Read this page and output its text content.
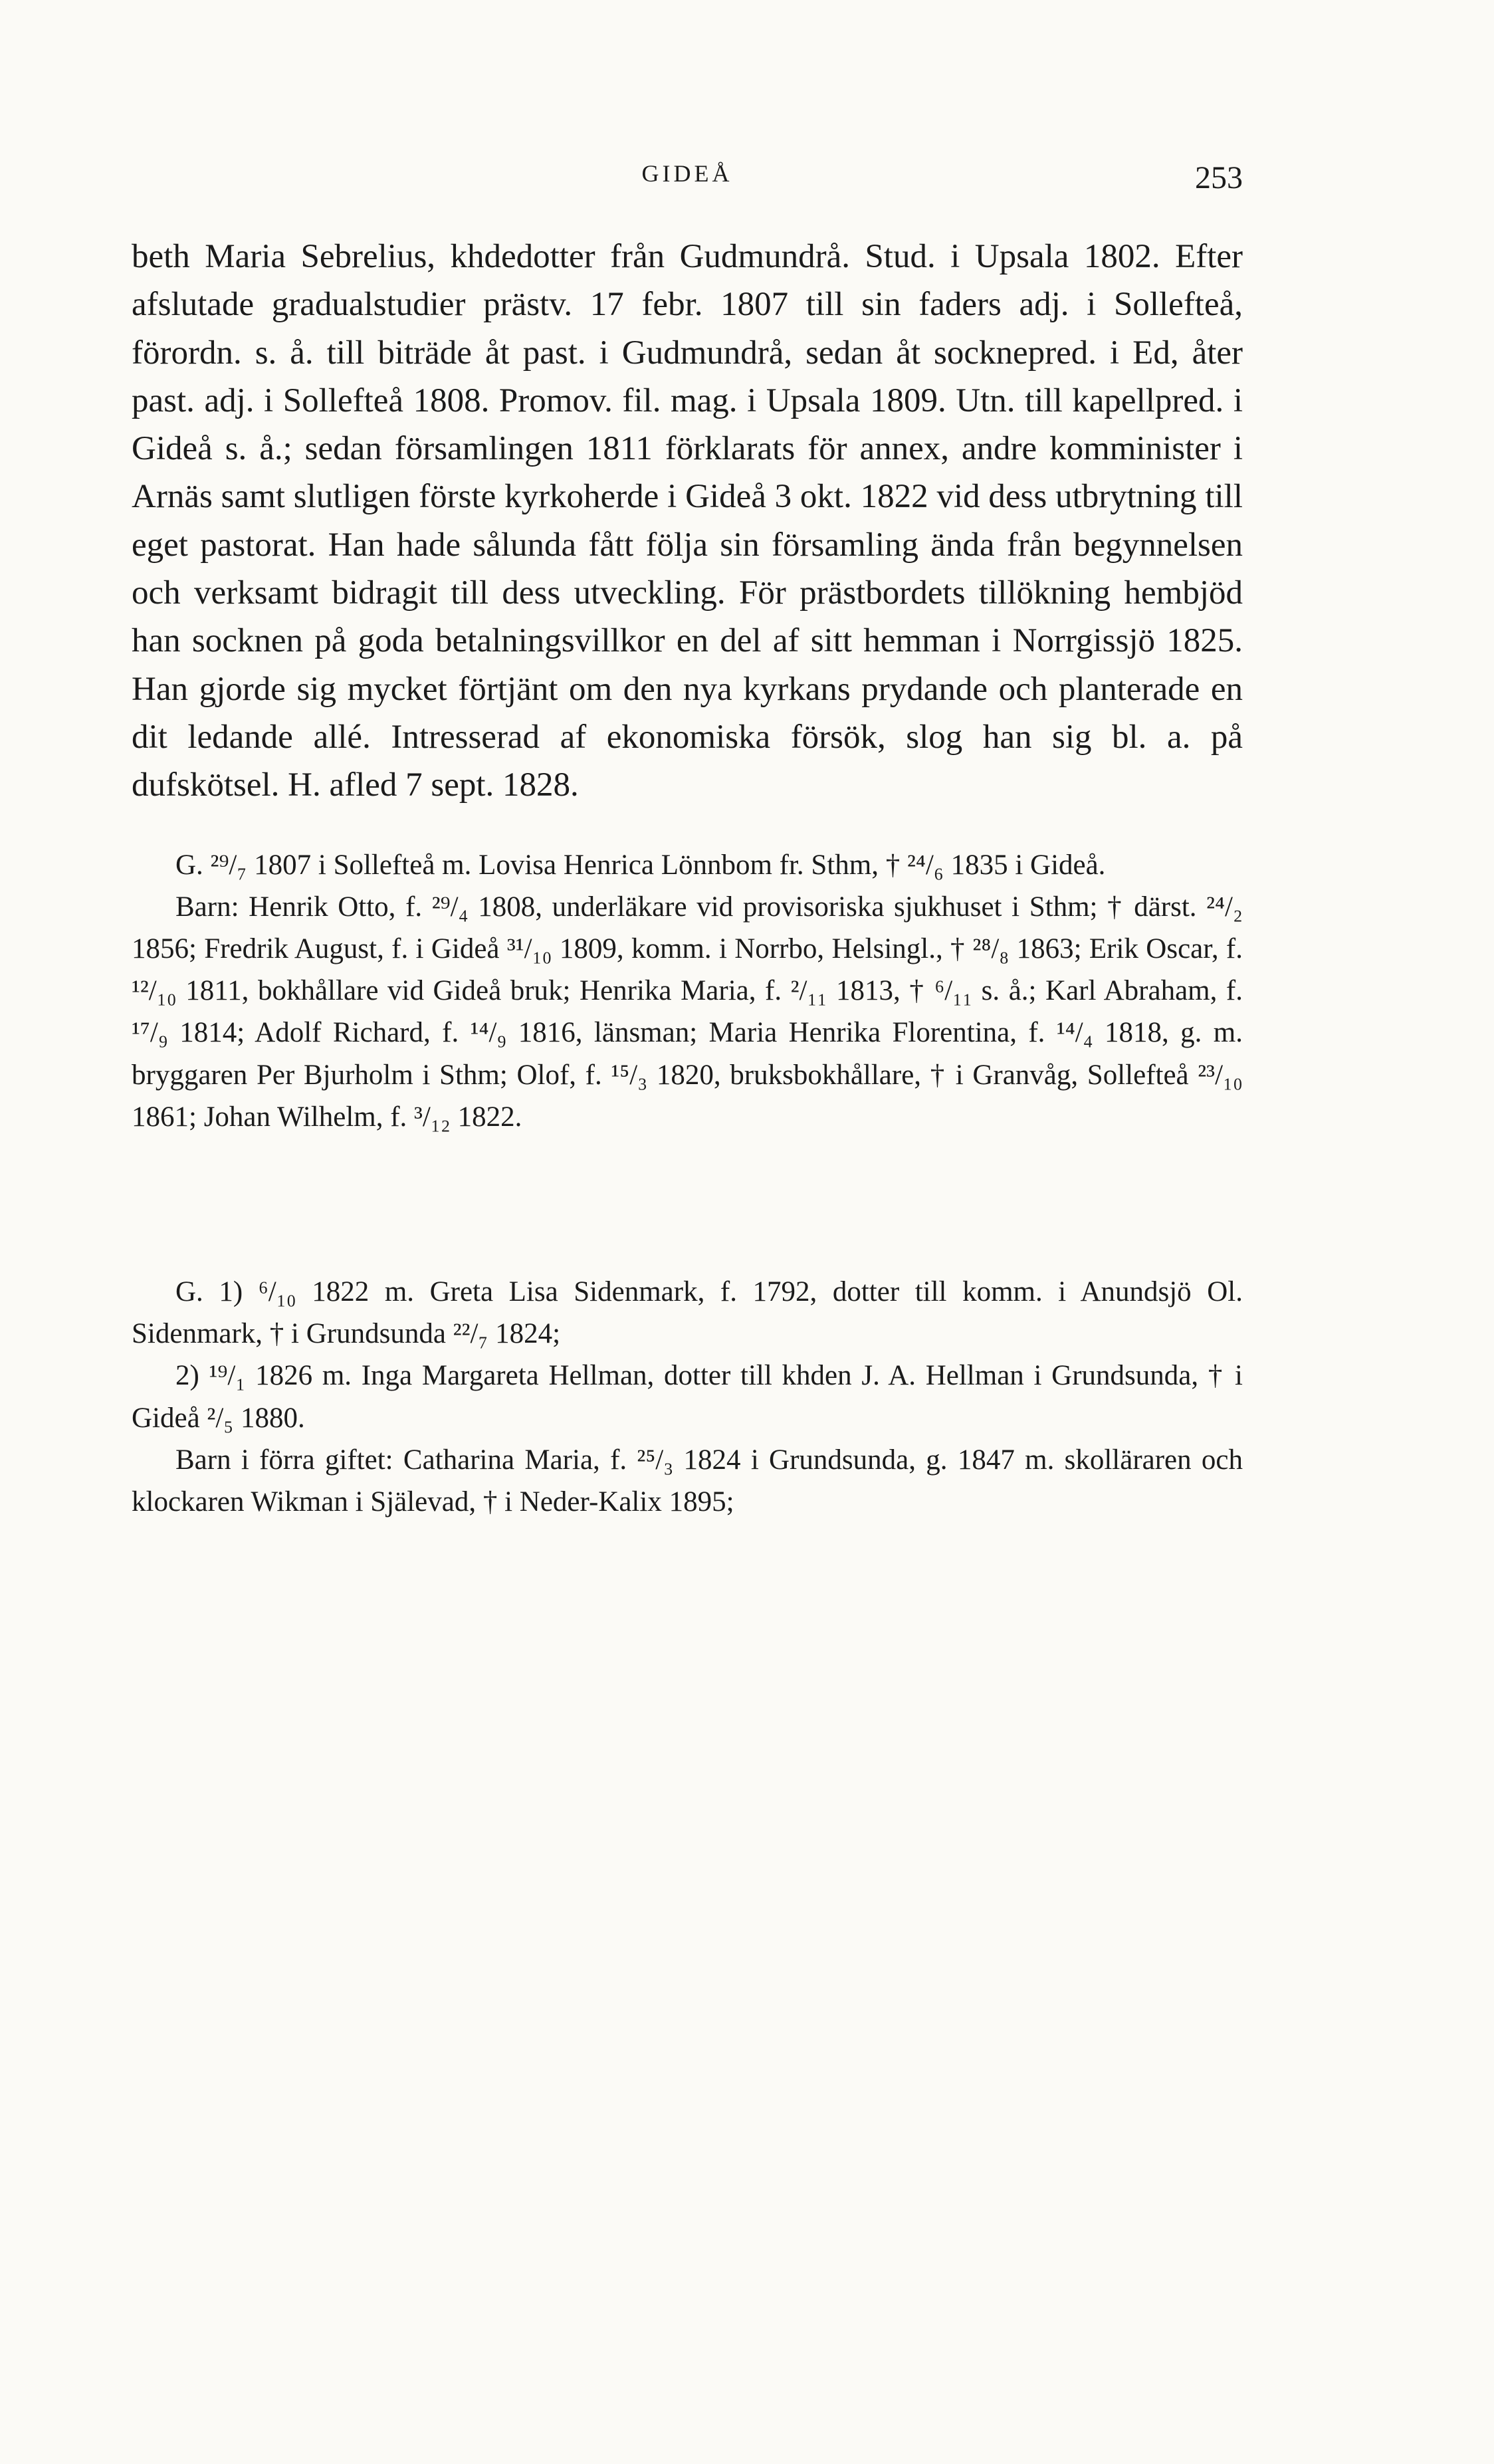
GIDEÅ	253

beth Maria Sebrelius, khdedotter från Gudmundrå. Stud. i Upsala 1802. Efter afslutade gradualstudier prästv. 17 febr. 1807 till sin faders adj. i Sollefteå, förordn. s. å. till biträde åt past. i Gudmundrå, sedan åt socknepred. i Ed, åter past. adj. i Sollefteå 1808. Promov. fil. mag. i Upsala 1809. Utn. till kapellpred. i Gideå s. å.; sedan församlingen 1811 förklarats för annex, andre komminister i Arnäs samt slutligen förste kyrkoherde i Gideå 3 okt. 1822 vid dess utbrytning till eget pastorat. Han hade sålunda fått följa sin församling ända från begynnelsen och verksamt bidragit till dess utveckling. För prästbordets tillökning hembjöd han socknen på goda betalningsvillkor en del af sitt hemman i Norrgissjö 1825. Han gjorde sig mycket förtjänt om den nya kyrkans prydande och planterade en dit ledande allé. Intresserad af ekonomiska försök, slog han sig bl. a. på dufskötsel. H. afled 7 sept. 1828.

G. ²⁹/₇ 1807 i Sollefteå m. Lovisa Henrica Lönnbom fr. Sthm, † ²⁴/₆ 1835 i Gideå.

Barn: Henrik Otto, f. ²⁹/₄ 1808, underläkare vid provisoriska sjukhuset i Sthm; † därst. ²⁴/₂ 1856; Fredrik August, f. i Gideå ³¹/₁₀ 1809, komm. i Norrbo, Helsingl., † ²⁸/₈ 1863; Erik Oscar, f. ¹²/₁₀ 1811, bokhållare vid Gideå bruk; Henrika Maria, f. ²/₁₁ 1813, † ⁶/₁₁ s. å.; Karl Abraham, f. ¹⁷/₉ 1814; Adolf Richard, f. ¹⁴/₉ 1816, länsman; Maria Henrika Florentina, f. ¹⁴/₄ 1818, g. m. bryggaren Per Bjurholm i Sthm; Olof, f. ¹⁵/₃ 1820, bruksbokhållare, † i Granvåg, Sollefteå ²³/₁₀ 1861; Johan Wilhelm, f. ³/₁₂ 1822.

G. 1) ⁶/₁₀ 1822 m. Greta Lisa Sidenmark, f. 1792, dotter till komm. i Anundsjö Ol. Sidenmark, † i Grundsunda ²²/₇ 1824;

2) ¹⁹/₁ 1826 m. Inga Margareta Hellman, dotter till khden J. A. Hellman i Grundsunda, † i Gideå ²/₅ 1880.

Barn i förra giftet: Catharina Maria, f. ²⁵/₃ 1824 i Grundsunda, g. 1847 m. skolläraren och klockaren Wikman i Själevad, † i Neder-Kalix 1895;
